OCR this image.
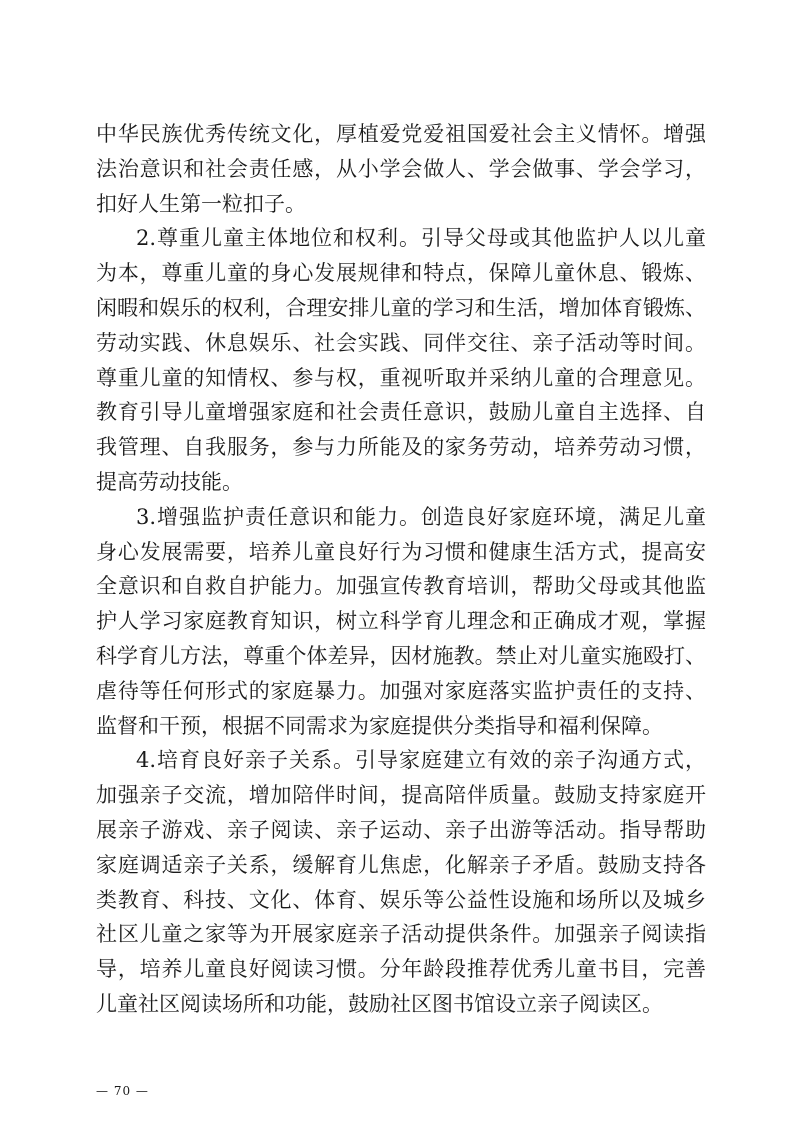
中华民族优秀传统文化，厚植爱党爱祖国爱社会主义情怀。增强
法治意识和社会责任感，从小学会做人、学会做事、学会学习，
扣好人生第一粒扣子。
2.尊重儿童主体地位和权利。引导父母或其他监护人以儿童
为本，尊重儿童的身心发展规律和特点，保障儿童休息、锻炼、
闲暇和娱乐的权利，合理安排儿童的学习和生活，增加体育锻炼、
劳动实践、休息娱乐、社会实践、同伴交往、亲子活动等时间。
尊重儿童的知情权、参与权，重视听取并采纳儿童的合理意见。
教育引导儿童增强家庭和社会责任意识，鼓励儿童自主选择、自
我管理、自我服务，参与力所能及的家务劳动，培养劳动习惯，
提高劳动技能。
3.增强监护责任意识和能力。创造良好家庭环境，满足儿童
身心发展需要，培养儿童良好行为习惯和健康生活方式，提高安
全意识和自救自护能力。加强宣传教育培训，帮助父母或其他监
护人学习家庭教育知识，树立科学育儿理念和正确成才观，掌握
科学育儿方法，尊重个体差异，因材施教。禁止对儿童实施殴打、
虐待等任何形式的家庭暴力。加强对家庭落实监护责任的支持、
监督和干预，根据不同需求为家庭提供分类指导和福利保障。
4.培育良好亲子关系。引导家庭建立有效的亲子沟通方式，
加强亲子交流，增加陪伴时间，提高陪伴质量。鼓励支持家庭开
展亲子游戏、亲子阅读、亲子运动、亲子出游等活动。指导帮助
家庭调适亲子关系，缓解育儿焦虑，化解亲子矛盾。鼓励支持各
类教育、科技、文化、体育、娱乐等公益性设施和场所以及城乡
社区儿童之家等为开展家庭亲子活动提供条件。加强亲子阅读指
导，培养儿童良好阅读习惯。分年龄段推荐优秀儿童书目，完善
儿童社区阅读场所和功能，鼓励社区图书馆设立亲子阅读区。
— 70 —
